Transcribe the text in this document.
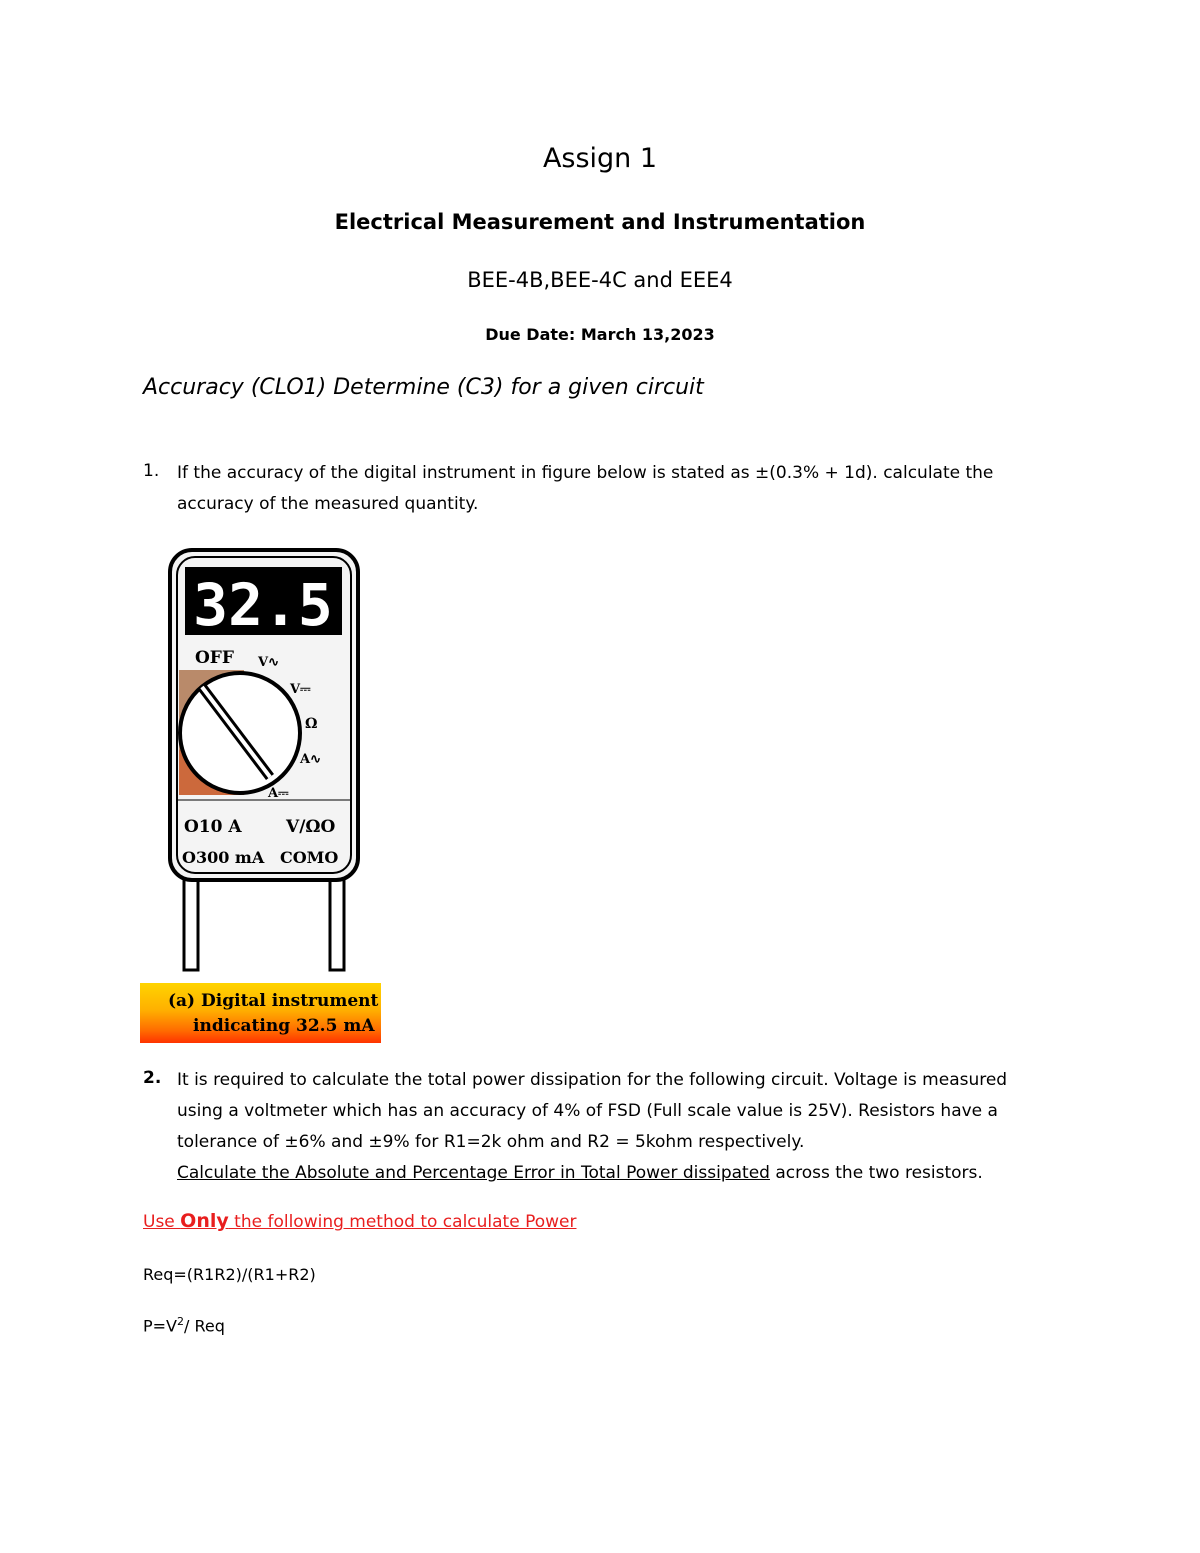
Assign 1
Electrical Measurement and Instrumentation
BEE-4B,BEE-4C and EEE4
Due Date: March 13,2023
Accuracy (CLO1) Determine (C3) for a given circuit
1. If the accuracy of the digital instrument in figure below is stated as ±(0.3% + 1d). calculate the accuracy of the measured quantity.
32.5
OFF V∿
V⎓
Ω
A∿
A⎓
O10 A	V/ΩO
O300 mA COMO
(a) Digital instrument
indicating 32.5 mA
2. It is required to calculate the total power dissipation for the following circuit. Voltage is measured using a voltmeter which has an accuracy of 4% of FSD (Full scale value is 25V). Resistors have a tolerance of ±6% and ±9% for R1=2k ohm and R2 = 5kohm respectively.
Calculate the Absolute and Percentage Error in Total Power dissipated across the two resistors.
Use Only the following method to calculate Power
Req=(R1R2)/(R1+R2)
$P=V^2/$ Req
